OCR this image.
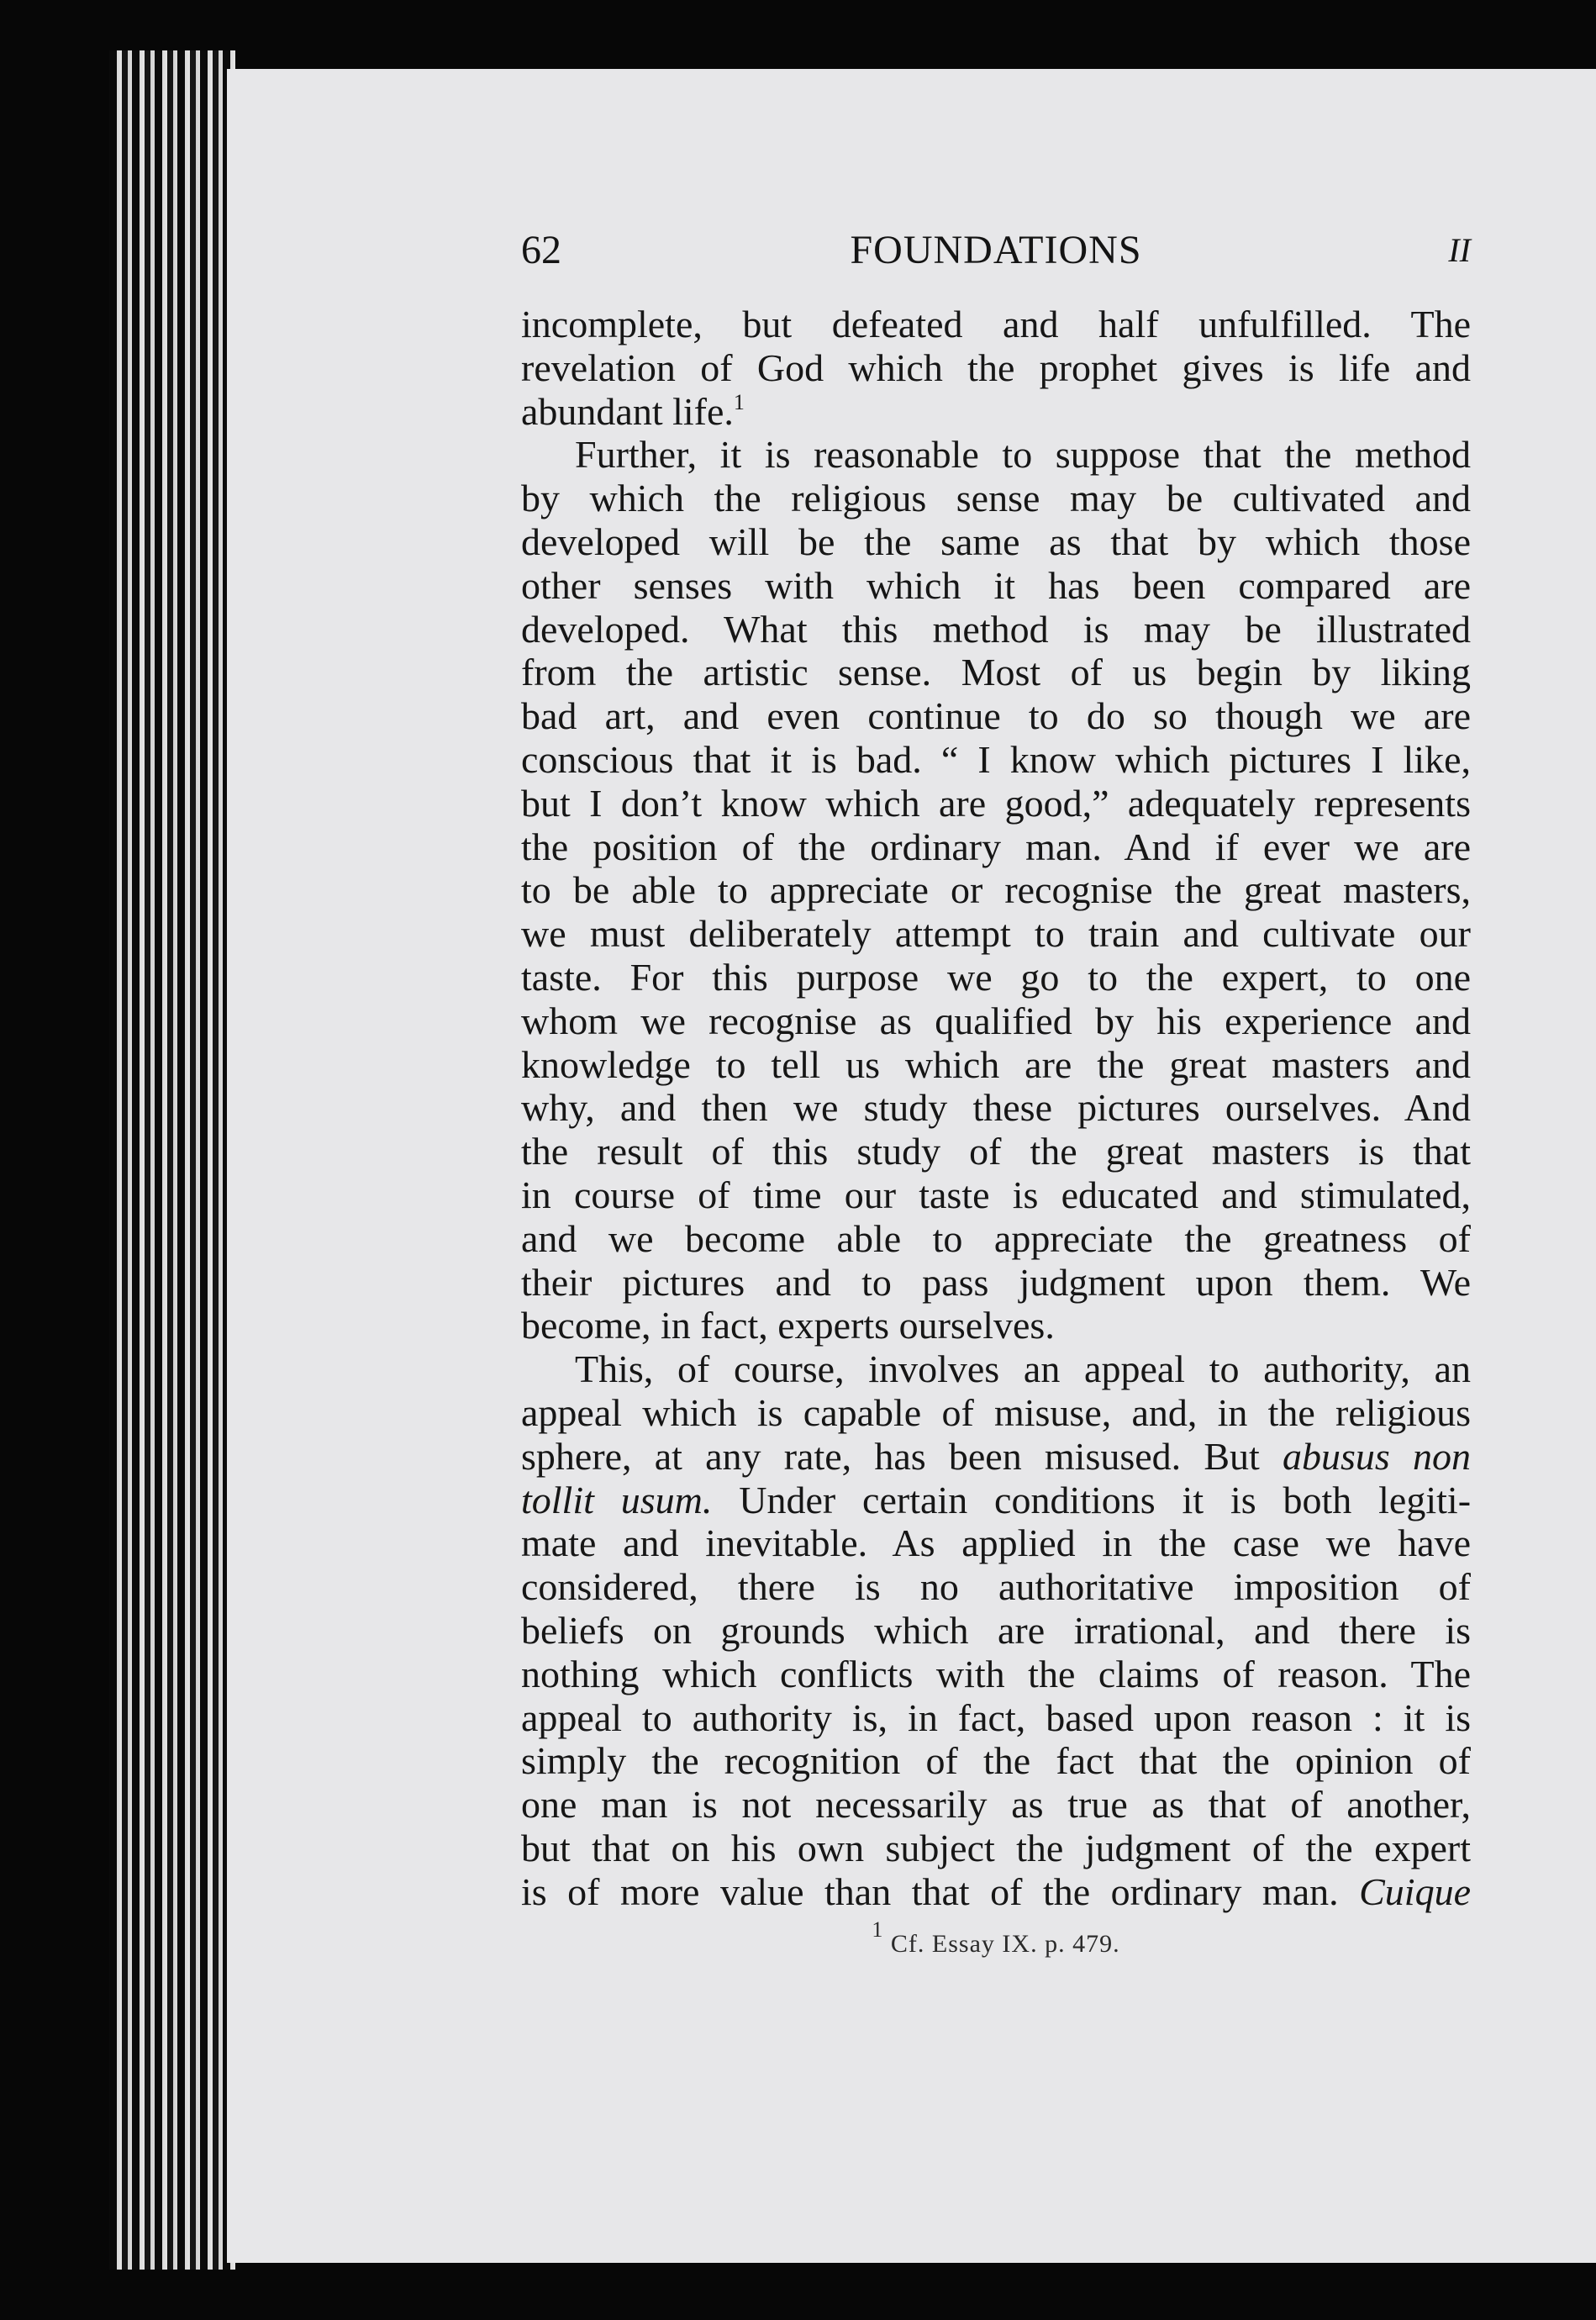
62	FOUNDATIONS	II

incomplete, but defeated and half unfulfilled. The

revelation of God which the prophet gives is life and

abundant life.$^1$

Further, it is reasonable to suppose that the method

by which the religious sense may be cultivated and

developed will be the same as that by which those

other senses with which it has been compared are

developed. What this method is may be illustrated

from the artistic sense. Most of us begin by liking

bad art, and even continue to do so though we are

conscious that it is bad. “ I know which pictures I like,

but I don’t know which are good,” adequately represents

the position of the ordinary man. And if ever we are

to be able to appreciate or recognise the great masters,

we must deliberately attempt to train and cultivate our

taste. For this purpose we go to the expert, to one

whom we recognise as qualified by his experience and

knowledge to tell us which are the great masters and

why, and then we study these pictures ourselves. And

the result of this study of the great masters is that

in course of time our taste is educated and stimulated,

and we become able to appreciate the greatness of

their pictures and to pass judgment upon them. We

become, in fact, experts ourselves.

This, of course, involves an appeal to authority, an

appeal which is capable of misuse, and, in the religious

sphere, at any rate, has been misused. But abusus non

tollit usum. Under certain conditions it is both legiti-

mate and inevitable. As applied in the case we have

considered, there is no authoritative imposition of

beliefs on grounds which are irrational, and there is

nothing which conflicts with the claims of reason. The

appeal to authority is, in fact, based upon reason : it is

simply the recognition of the fact that the opinion of

one man is not necessarily as true as that of another,

but that on his own subject the judgment of the expert

is of more value than that of the ordinary man. Cuique

$^1$ Cf. Essay IX. p. 479.
